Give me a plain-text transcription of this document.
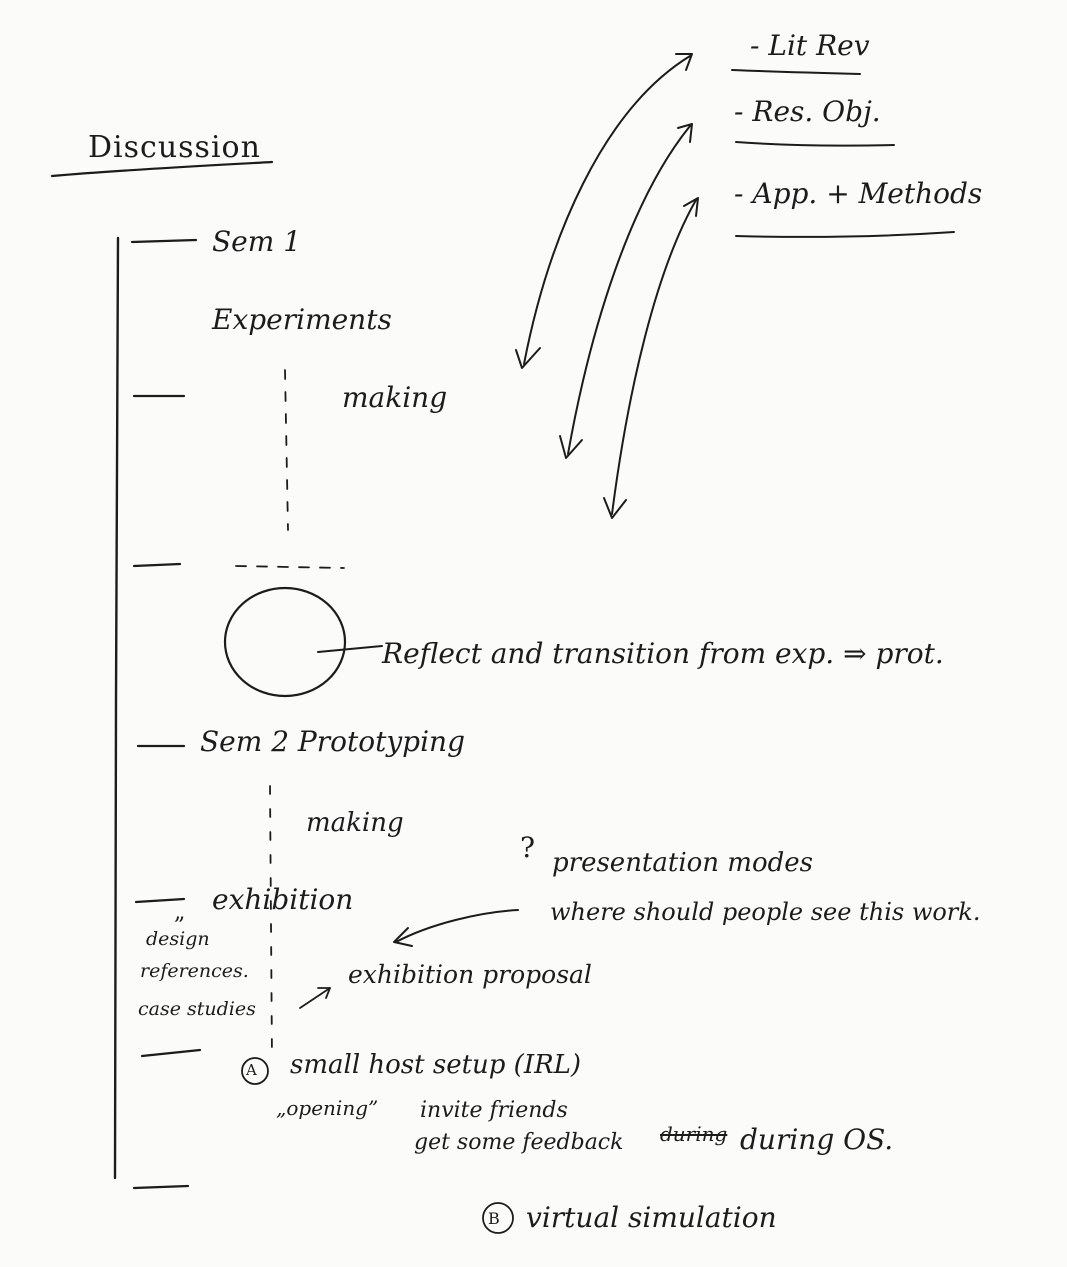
Discussion
Sem 1
Experiments
making
Reflect and transition from exp. ⇒ prot.
Sem 2 Prototyping
making
? presentation modes
where should people see this work.
exhibition
„
design
references.
case studies
exhibition proposal
A small host setup (IRL)
„opening” invite friends
get some feedback during during OS.
B virtual simulation
- Lit Rev
- Res. Obj.
- App. + Methods
